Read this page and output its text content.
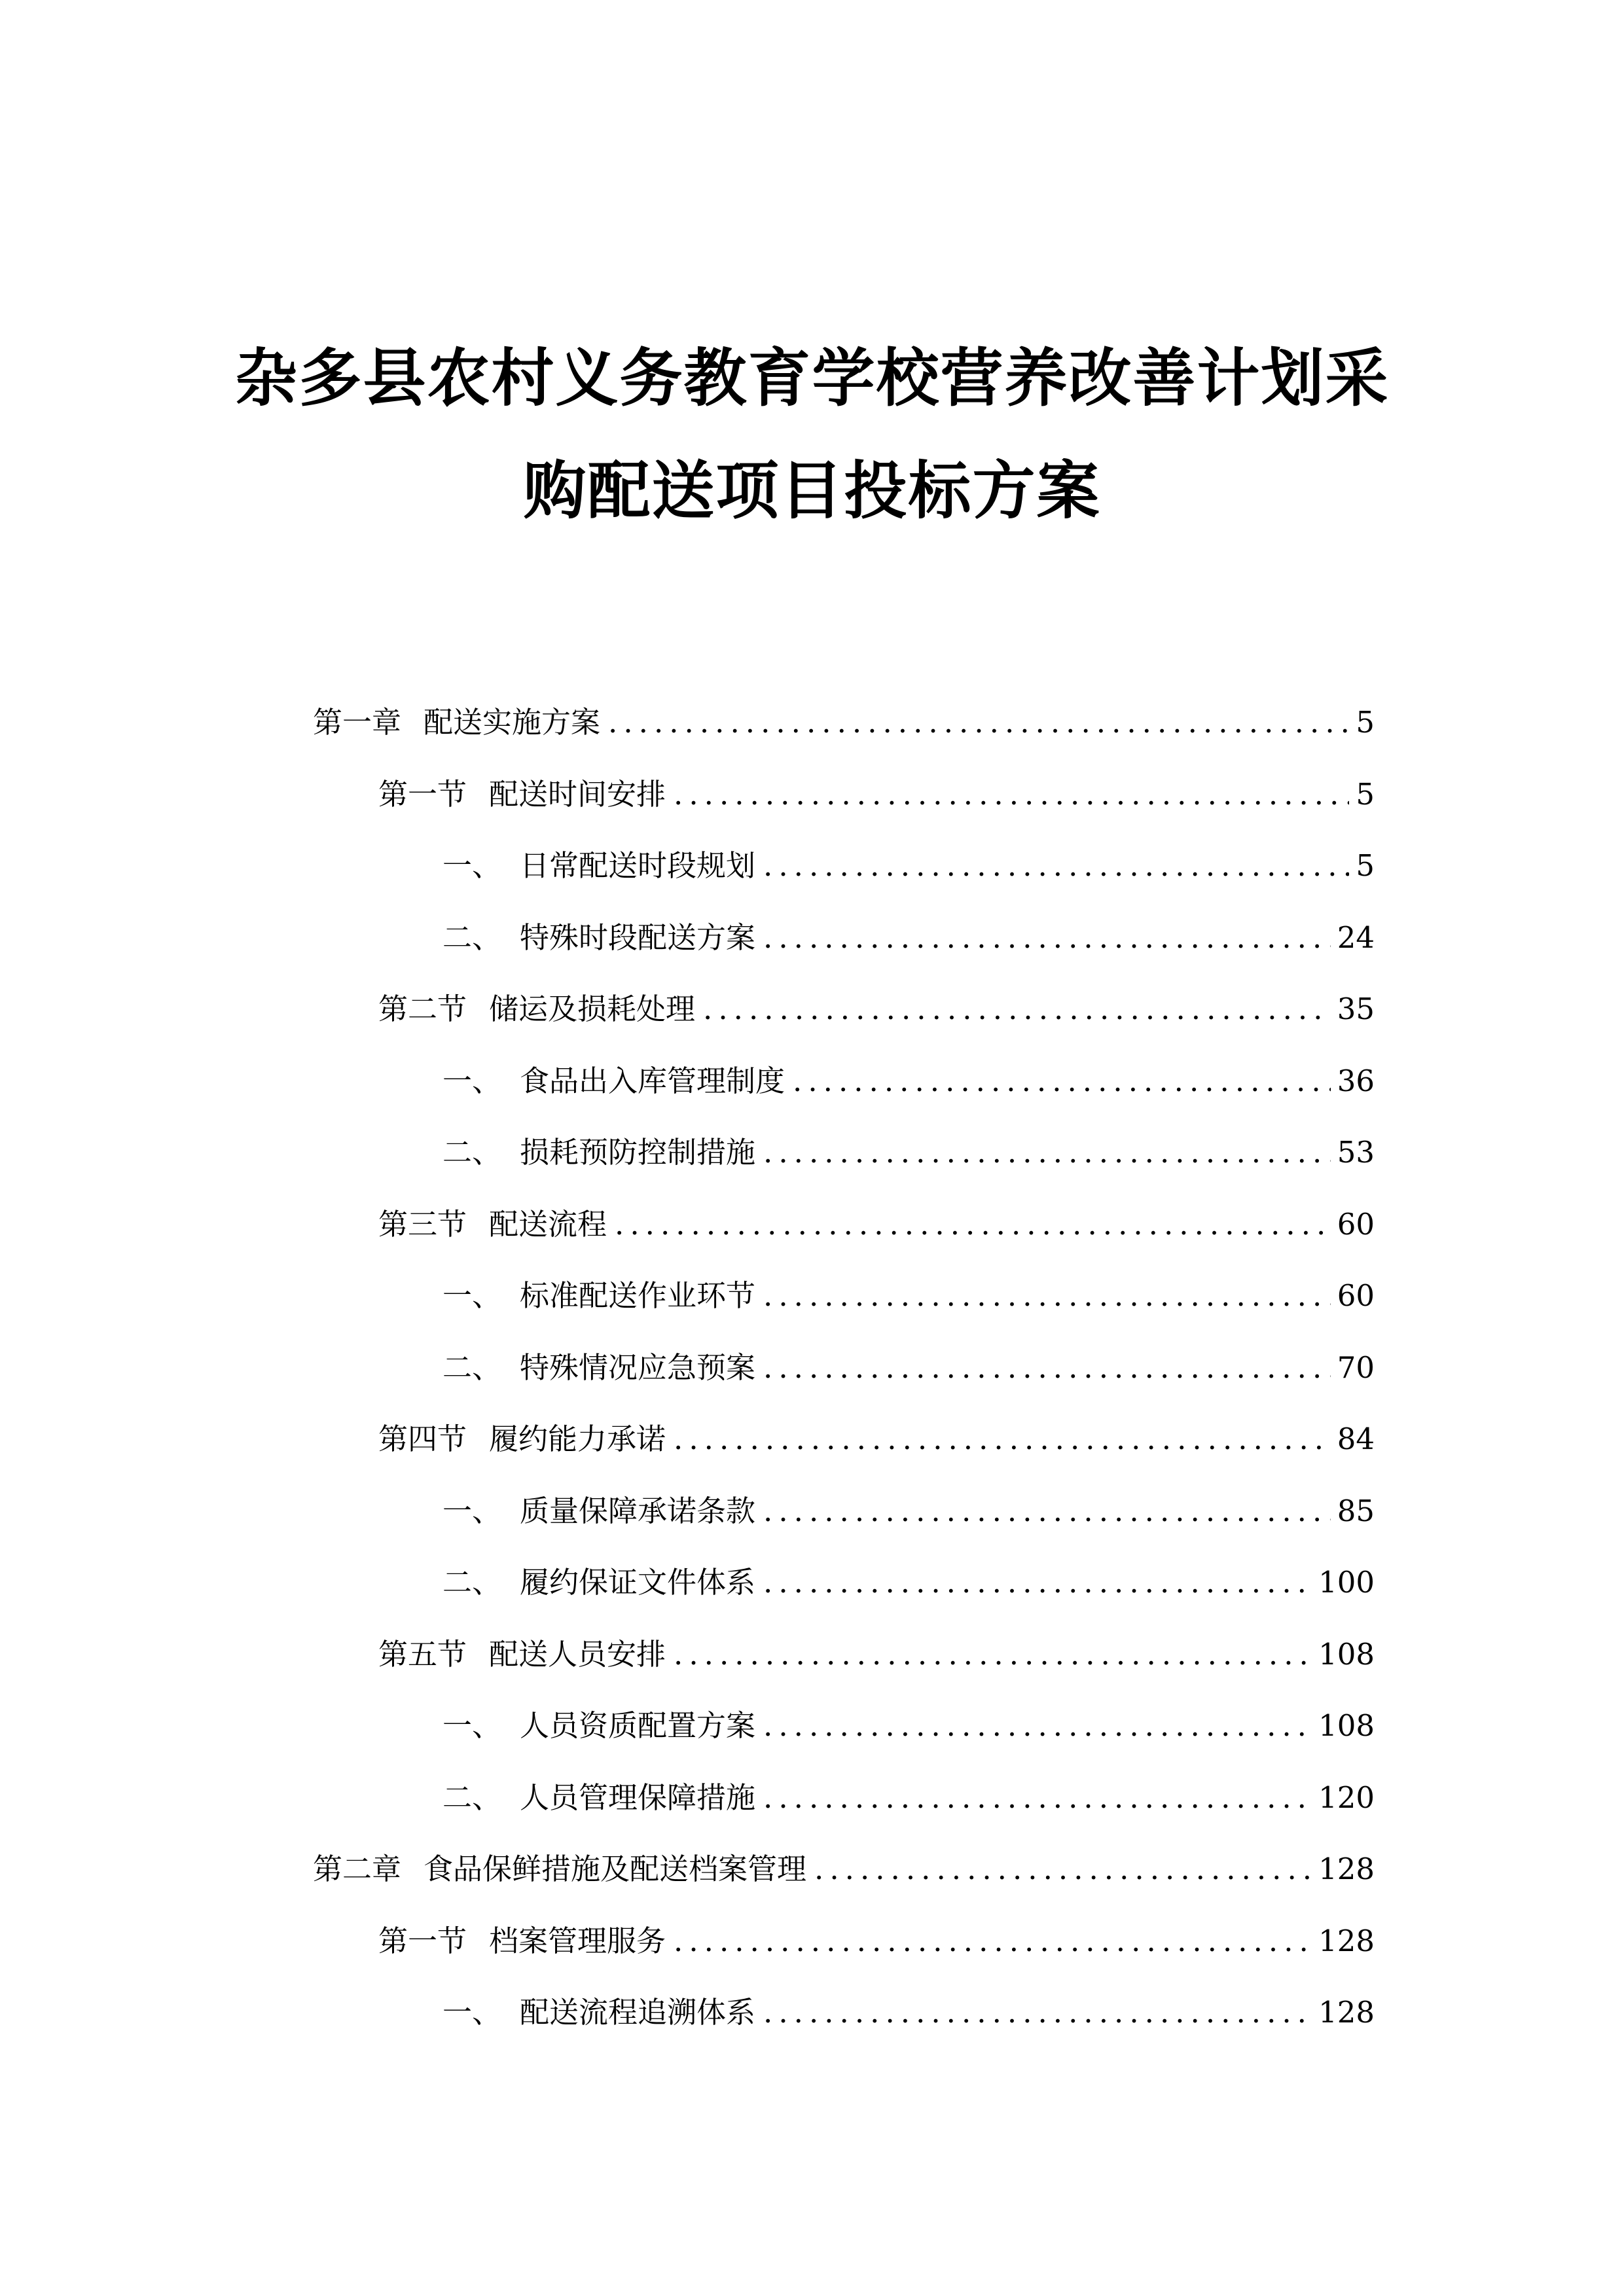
杂多县农村义务教育学校营养改善计划采
购配送项目投标方案
第一章 配送实施方案 .....	5
第一节 配送时间安排 .....	5
一、 日常配送时段规划 .....	5
二、 特殊时段配送方案 .....	24
第二节 储运及损耗处理 .....	35
一、 食品出入库管理制度 .....	36
二、 损耗预防控制措施 .....	53
第三节 配送流程 .....	60
一、 标准配送作业环节 .....	60
二、 特殊情况应急预案 .....	70
第四节 履约能力承诺 .....	84
一、 质量保障承诺条款 .....	85
二、 履约保证文件体系 .....	100
第五节 配送人员安排 .....	108
一、 人员资质配置方案 .....	108
二、 人员管理保障措施 .....	120
第二章 食品保鲜措施及配送档案管理 .....	128
第一节 档案管理服务 .....	128
一、 配送流程追溯体系 .....	128
